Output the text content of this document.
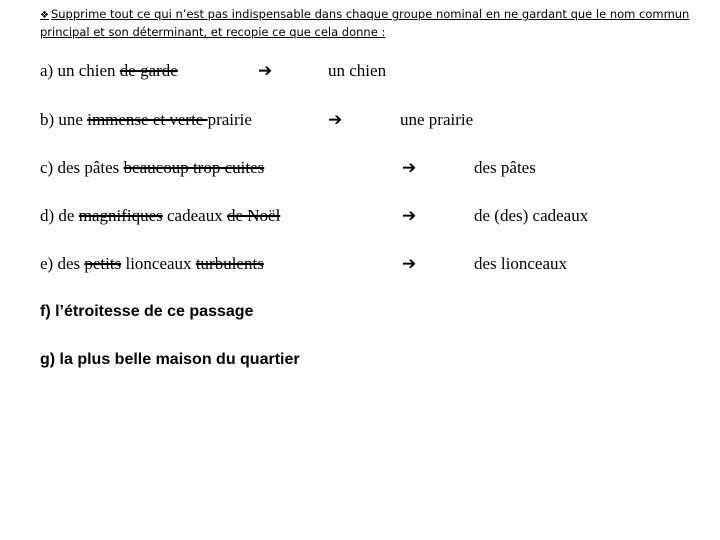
❖ Supprime tout ce qui n’est pas indispensable dans chaque groupe nominal en ne gardant que le nom commun principal et son déterminant, et recopie ce que cela donne :
a) un chien de garde	➔	un chien
b) une immense et verte prairie	➔	une prairie
c) des pâtes beaucoup trop cuites	➔	des pâtes
d) de magnifiques cadeaux de Noël	➔	de (des) cadeaux
e) des petits lionceaux turbulents	➔	des lionceaux
f) l’étroitesse de ce passage
g) la plus belle maison du quartier
